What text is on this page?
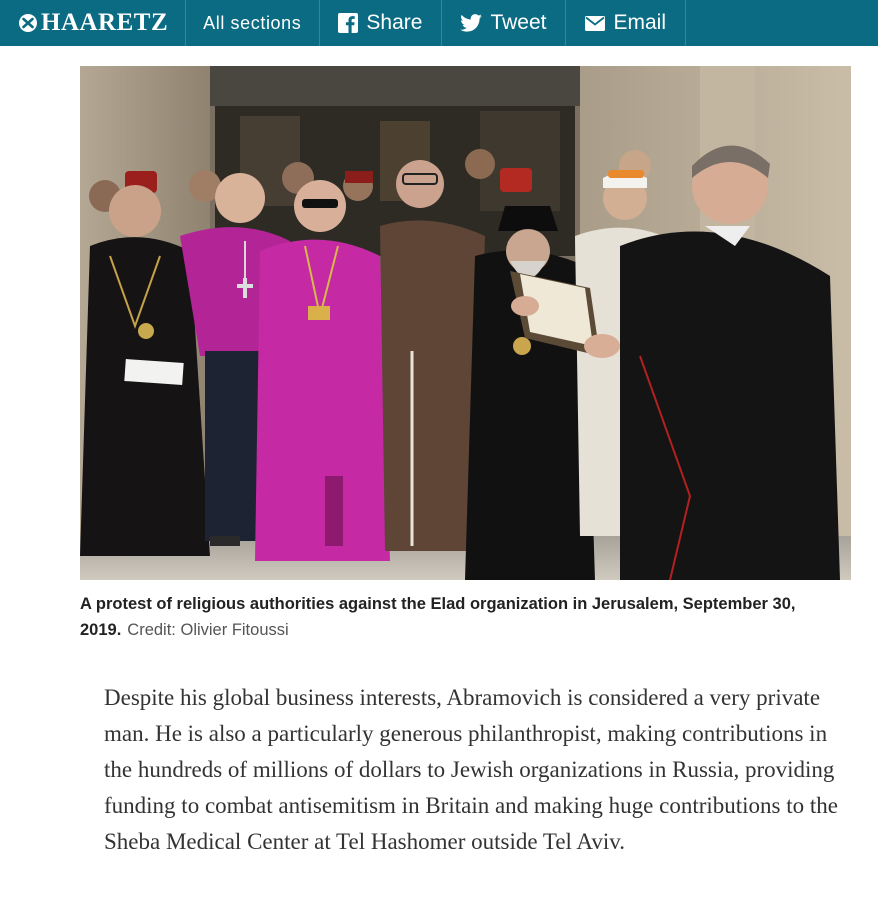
HAARETZ All sections	Share	Tweet	Email
A protest of religious authorities against the Elad organization in Jerusalem, September 30, 2019. Credit: Olivier Fitoussi

Despite his global business interests, Abramovich is considered a very private man. He is also a particularly generous philanthropist, making contributions in the hundreds of millions of dollars to Jewish organizations in Russia, providing funding to combat antisemitism in Britain and making huge contributions to the Sheba Medical Center at Tel Hashomer outside Tel Aviv.
